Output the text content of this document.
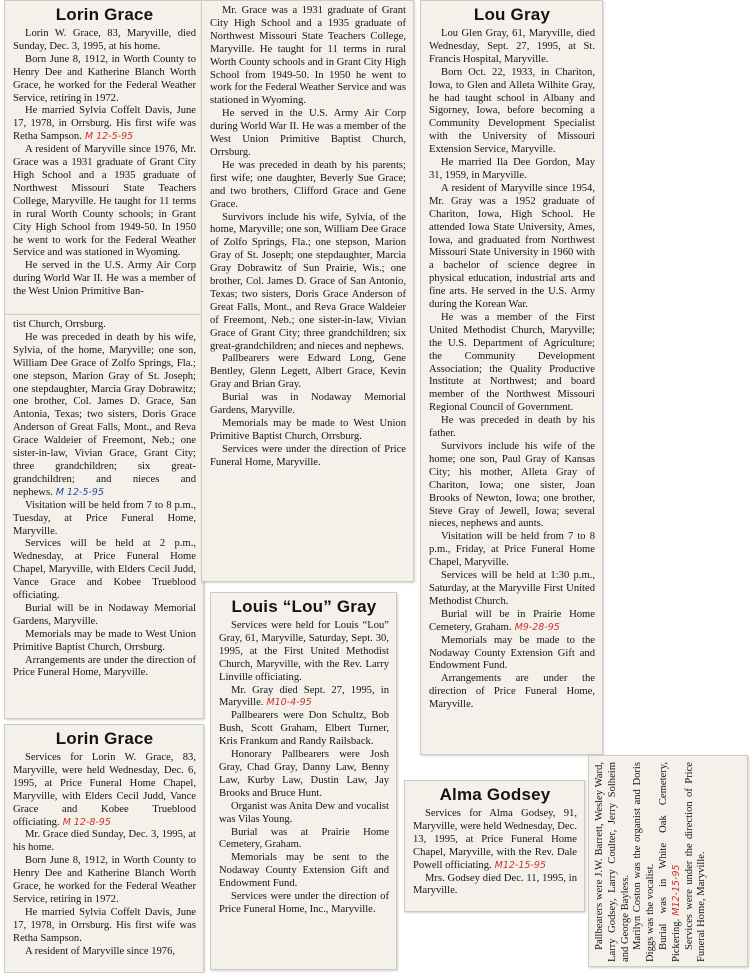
Lorin Grace

Lorin W. Grace, 83, Maryville, died Sunday, Dec. 3, 1995, at his home.

Born June 8, 1912, in Worth County to Henry Dee and Katherine Blanch Worth Grace, he worked for the Federal Weather Service, retiring in 1972.

He married Sylvia Coffelt Davis, June 17, 1978, in Orrsburg. His first wife was Retha Sampson. M 12-5-95

A resident of Maryville since 1976, Mr. Grace was a 1931 graduate of Grant City High School and a 1935 graduate of Northwest Missouri State Teachers College, Maryville. He taught for 11 terms in rural Worth County schools; in Grant City High School from 1949-50. In 1950 he went to work for the Federal Weather Service and was stationed in Wyoming.

He served in the U.S. Army Air Corp during World War II. He was a member of the West Union Primitive Ban-

tist Church, Orrsburg.

He was preceded in death by his wife, Sylvia, of the home, Maryville; one son, William Dee Grace of Zolfo Springs, Fla.; one stepson, Marion Gray of St. Joseph; one stepdaughter, Marcia Gray Dobrawitz; one brother, Col. James D. Grace, San Antonia, Texas; two sisters, Doris Grace Anderson of Great Falls, Mont., and Reva Grace Waldeier of Freemont, Neb.; one sister-in-law, Vivian Grace, Grant City; three grandchildren; six great-grandchildren; and nieces and nephews. M 12-5-95

Visitation will be held from 7 to 8 p.m., Tuesday, at Price Funeral Home, Maryville.

Services will be held at 2 p.m., Wednesday, at Price Funeral Home Chapel, Maryville, with Elders Cecil Judd, Vance Grace and Kobee Trueblood officiating.

Burial will be in Nodaway Memorial Gardens, Maryville.

Memorials may be made to West Union Primitive Baptist Church, Orrsburg.

Arrangements are under the direction of Price Funeral Home, Maryville.

Mr. Grace was a 1931 graduate of Grant City High School and a 1935 graduate of Northwest Missouri State Teachers College, Maryville. He taught for 11 terms in rural Worth County schools and in Grant City High School from 1949-50. In 1950 he went to work for the Federal Weather Service and was stationed in Wyoming.

He served in the U.S. Army Air Corp during World War II. He was a member of the West Union Primitive Baptist Church, Orrsburg.

He was preceded in death by his parents; first wife; one daughter, Beverly Sue Grace; and two brothers, Clifford Grace and Gene Grace.

Survivors include his wife, Sylvia, of the home, Maryville; one son, William Dee Grace of Zolfo Springs, Fla.; one stepson, Marion Gray of St. Joseph; one stepdaughter, Marcia Gray Dobrawitz of Sun Prairie, Wis.; one brother, Col. James D. Grace of San Antonio, Texas; two sisters, Doris Grace Anderson of Great Falls, Mont., and Reva Grace Waldeier of Freemont, Neb.; one sister-in-law, Vivian Grace of Grant City; three grandchildren; six great-grandchildren; and nieces and nephews.

Pallbearers were Edward Long, Gene Bentley, Glenn Legett, Albert Grace, Kevin Gray and Brian Gray.

Burial was in Nodaway Memorial Gardens, Maryville.

Memorials may be made to West Union Primitive Baptist Church, Orrsburg.

Services were under the direction of Price Funeral Home, Maryville.

Lou Gray

Lou Glen Gray, 61, Maryville, died Wednesday, Sept. 27, 1995, at St. Francis Hospital, Maryville.

Born Oct. 22, 1933, in Chariton, Iowa, to Glen and Alleta Wilhite Gray, he had taught school in Albany and Sigorney, Iowa, before becoming a Community Development Specialist with the University of Missouri Extension Service, Maryville.

He married Ila Dee Gordon, May 31, 1959, in Maryville.

A resident of Maryville since 1954, Mr. Gray was a 1952 graduate of Chariton, Iowa, High School. He attended Iowa State University, Ames, Iowa, and graduated from Northwest Missouri State University in 1960 with a bachelor of science degree in physical education, industrial arts and fine arts. He served in the U.S. Army during the Korean War.

He was a member of the First United Methodist Church, Maryville; the U.S. Department of Agriculture; the Community Development Association; the Quality Productive Institute at Northwest; and board member of the Northwest Missouri Regional Council of Government.

He was preceded in death by his father.

Survivors include his wife of the home; one son, Paul Gray of Kansas City; his mother, Alleta Gray of Chariton, Iowa; one sister, Joan Brooks of Newton, Iowa; one brother, Steve Gray of Jewell, Iowa; several nieces, nephews and aunts.

Visitation will be held from 7 to 8 p.m., Friday, at Price Funeral Home Chapel, Maryville.

Services will be held at 1:30 p.m., Saturday, at the Maryville First United Methodist Church.

Burial will be in Prairie Home Cemetery, Graham. M9-28-95

Memorials may be made to the Nodaway County Extension Gift and Endowment Fund.

Arrangements are under the direction of Price Funeral Home, Maryville.

Louis “Lou” Gray

Services were held for Louis “Lou” Gray, 61, Maryville, Saturday, Sept. 30, 1995, at the First United Methodist Church, Maryville, with the Rev. Larry Linville officiating.

Mr. Gray died Sept. 27, 1995, in Maryville. M10-4-95

Pallbearers were Don Schultz, Bob Bush, Scott Graham, Elbert Turner, Kris Frankum and Randy Railsback.

Honorary Pallbearers were Josh Gray, Chad Gray, Danny Law, Benny Law, Kurby Law, Dustin Law, Jay Brooks and Bruce Hunt.

Organist was Anita Dew and vocalist was Vilas Young.

Burial was at Prairie Home Cemetery, Graham.

Memorials may be sent to the Nodaway County Extension Gift and Endowment Fund.

Services were under the direction of Price Funeral Home, Inc., Maryville.

Lorin Grace

Services for Lorin W. Grace, 83, Maryville, were held Wednesday, Dec. 6, 1995, at Price Funeral Home Chapel, Maryville, with Elders Cecil Judd, Vance Grace and Kobee Trueblood officiating. M 12-8-95

Mr. Grace died Sunday, Dec. 3, 1995, at his home.

Born June 8, 1912, in Worth County to Henry Dee and Katherine Blanch Worth Grace, he worked for the Federal Weather Service, retiring in 1972.

He married Sylvia Coffelt Davis, June 17, 1978, in Orrsburg. His first wife was Retha Sampson.

A resident of Maryville since 1976,

Alma Godsey

Services for Alma Godsey, 91, Maryville, were held Wednesday, Dec. 13, 1995, at Price Funeral Home Chapel, Maryville, with the Rev. Dale Powell officiating. M12-15-95

Mrs. Godsey died Dec. 11, 1995, in Maryville.	Pallbearers were J.W. Barrett, Wesley Ward, Larry Godsey, Larry Coulter, Jerry Solheim and George Bayless. Marilyn Coston was the organist and Doris Diggs was the vocalist. Burial was in White Oak Cemetery, Pickering.M12-15-95 Services were under the direction of Price Funeral Home, Maryville.
